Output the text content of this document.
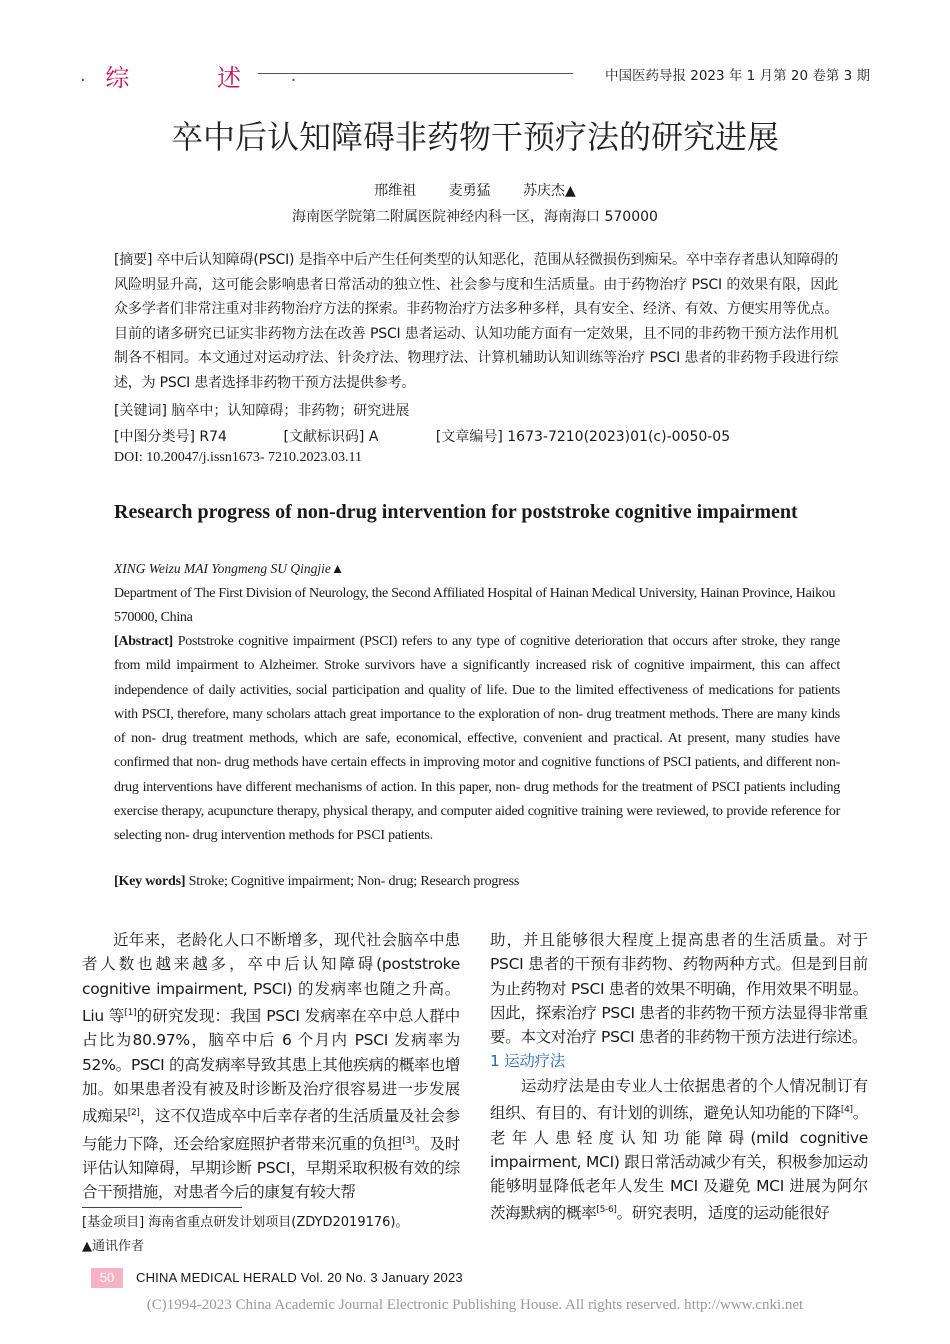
· 综 述 ·	中国医药导报 2023 年 1 月第 20 卷第 3 期
卒中后认知障碍非药物干预疗法的研究进展
邢维祖 麦勇猛 苏庆杰▲
海南医学院第二附属医院神经内科一区，海南海口 570000
[摘要] 卒中后认知障碍(PSCI) 是指卒中后产生任何类型的认知恶化，范围从轻微损伤到痴呆。卒中幸存者患认知障碍的风险明显升高，这可能会影响患者日常活动的独立性、社会参与度和生活质量。由于药物治疗 PSCI 的效果有限，因此众多学者们非常注重对非药物治疗方法的探索。非药物治疗方法多种多样，具有安全、经济、有效、方便实用等优点。目前的诸多研究已证实非药物方法在改善 PSCI 患者运动、认知功能方面有一定效果，且不同的非药物干预方法作用机制各不相同。本文通过对运动疗法、针灸疗法、物理疗法、计算机辅助认知训练等治疗 PSCI 患者的非药物手段进行综述，为 PSCI 患者选择非药物干预方法提供参考。
[关键词] 脑卒中；认知障碍；非药物；研究进展
[中图分类号] R74	[文献标识码] A	[文章编号] 1673-7210(2023)01(c)-0050-05
DOI: 10.20047/j.issn1673- 7210.2023.03.11
Research progress of non-drug intervention for poststroke cognitive impairment
XING Weizu MAI Yongmeng SU Qingjie▲
Department of The First Division of Neurology, the Second Affiliated Hospital of Hainan Medical University, Hainan Province, Haikou 570000, China
[Abstract] Poststroke cognitive impairment (PSCI) refers to any type of cognitive deterioration that occurs after stroke, they range from mild impairment to Alzheimer. Stroke survivors have a significantly increased risk of cognitive impairment, this can affect independence of daily activities, social participation and quality of life. Due to the limited effectiveness of medications for patients with PSCI, therefore, many scholars attach great importance to the exploration of non- drug treatment methods. There are many kinds of non- drug treatment methods, which are safe, economical, effective, convenient and practical. At present, many studies have confirmed that non- drug methods have certain effects in improving motor and cognitive functions of PSCI patients, and different non- drug interventions have different mechanisms of action. In this paper, non- drug methods for the treatment of PSCI patients including exercise therapy, acupuncture therapy, physical therapy, and computer aided cognitive training were reviewed, to provide reference for selecting non- drug intervention methods for PSCI patients.
[Key words] Stroke; Cognitive impairment; Non- drug; Research progress

近年来，老龄化人口不断增多，现代社会脑卒中患者人数也越来越多，卒中后认知障碍(poststroke cognitive impairment, PSCI) 的发病率也随之升高。Liu 等[1]的研究发现：我国 PSCI 发病率在卒中总人群中占比为80.97%，脑卒中后 6 个月内 PSCI 发病率为 52%。PSCI 的高发病率导致其患上其他疾病的概率也增加。如果患者没有被及时诊断及治疗很容易进一步发展成痴呆[2]，这不仅造成卒中后幸存者的生活质量及社会参与能力下降，还会给家庭照护者带来沉重的负担[3]。及时评估认知障碍，早期诊断 PSCI，早期采取积极有效的综合干预措施，对患者今后的康复有较大帮

助，并且能够很大程度上提高患者的生活质量。对于 PSCI 患者的干预有非药物、药物两种方式。但是到目前为止药物对 PSCI 患者的效果不明确，作用效果不明显。因此，探索治疗 PSCI 患者的非药物干预方法显得非常重要。本文对治疗 PSCI 患者的非药物干预方法进行综述。

1 运动疗法

运动疗法是由专业人士依据患者的个人情况制订有组织、有目的、有计划的训练，避免认知功能的下降[4]。老年人患轻度认知功能障碍(mild cognitive impairment, MCI) 跟日常活动减少有关，积极参加运动能够明显降低老年人发生 MCI 及避免 MCI 进展为阿尔茨海默病的概率[5-6]。研究表明，适度的运动能很好

[基金项目] 海南省重点研发计划项目(ZDYD2019176)。
▲通讯作者
50	CHINA MEDICAL HERALD Vol. 20 No. 3 January 2023
(C)1994-2023 China Academic Journal Electronic Publishing House. All rights reserved. http://www.cnki.net
